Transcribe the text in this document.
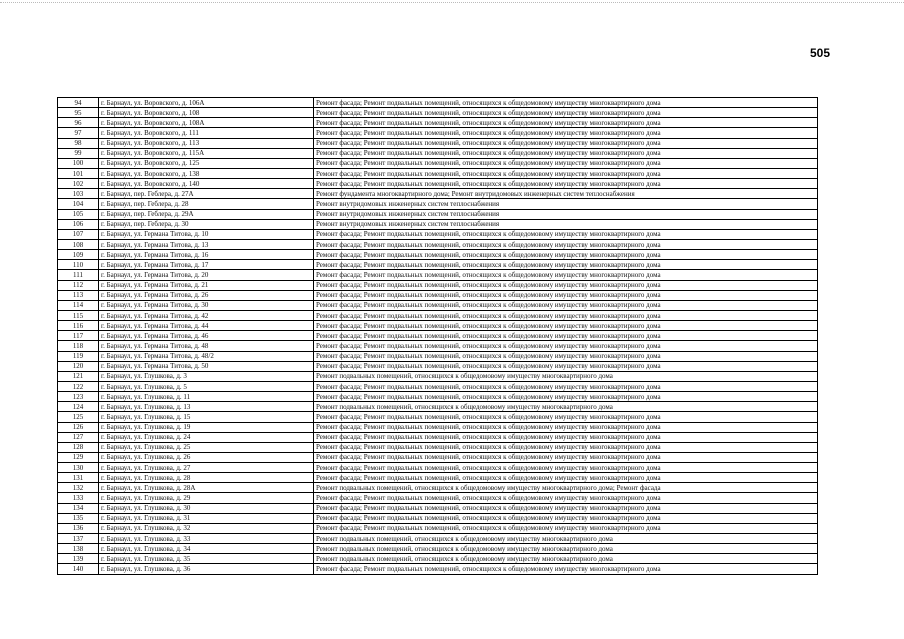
505
94	г. Барнаул, ул. Воровского, д. 106А	Ремонт фасада; Ремонт подвальных помещений, относящихся к общедомовому имуществу многоквартирного дома
95	г. Барнаул, ул. Воровского, д. 108	Ремонт фасада; Ремонт подвальных помещений, относящихся к общедомовому имуществу многоквартирного дома
96	г. Барнаул, ул. Воровского, д. 108А	Ремонт фасада; Ремонт подвальных помещений, относящихся к общедомовому имуществу многоквартирного дома
97	г. Барнаул, ул. Воровского, д. 111	Ремонт фасада; Ремонт подвальных помещений, относящихся к общедомовому имуществу многоквартирного дома
98	г. Барнаул, ул. Воровского, д. 113	Ремонт фасада; Ремонт подвальных помещений, относящихся к общедомовому имуществу многоквартирного дома
99	г. Барнаул, ул. Воровского, д. 115А	Ремонт фасада; Ремонт подвальных помещений, относящихся к общедомовому имуществу многоквартирного дома
100	г. Барнаул, ул. Воровского, д. 125	Ремонт фасада; Ремонт подвальных помещений, относящихся к общедомовому имуществу многоквартирного дома
101	г. Барнаул, ул. Воровского, д. 138	Ремонт фасада; Ремонт подвальных помещений, относящихся к общедомовому имуществу многоквартирного дома
102	г. Барнаул, ул. Воровского, д. 140	Ремонт фасада; Ремонт подвальных помещений, относящихся к общедомовому имуществу многоквартирного дома
103	г. Барнаул, пер. Геблера, д. 27А	Ремонт фундамента многоквартирного дома; Ремонт внутридомовых инженерных систем теплоснабжения
104	г. Барнаул, пер. Геблера, д. 28	Ремонт внутридомовых инженерных систем теплоснабжения
105	г. Барнаул, пер. Геблера, д. 29А	Ремонт внутридомовых инженерных систем теплоснабжения
106	г. Барнаул, пер. Геблера, д. 30	Ремонт внутридомовых инженерных систем теплоснабжения
107	г. Барнаул, ул. Германа Титова, д. 10	Ремонт фасада; Ремонт подвальных помещений, относящихся к общедомовому имуществу многоквартирного дома
108	г. Барнаул, ул. Германа Титова, д. 13	Ремонт фасада; Ремонт подвальных помещений, относящихся к общедомовому имуществу многоквартирного дома
109	г. Барнаул, ул. Германа Титова, д. 16	Ремонт фасада; Ремонт подвальных помещений, относящихся к общедомовому имуществу многоквартирного дома
110	г. Барнаул, ул. Германа Титова, д. 17	Ремонт фасада; Ремонт подвальных помещений, относящихся к общедомовому имуществу многоквартирного дома
111	г. Барнаул, ул. Германа Титова, д. 20	Ремонт фасада; Ремонт подвальных помещений, относящихся к общедомовому имуществу многоквартирного дома
112	г. Барнаул, ул. Германа Титова, д. 21	Ремонт фасада; Ремонт подвальных помещений, относящихся к общедомовому имуществу многоквартирного дома
113	г. Барнаул, ул. Германа Титова, д. 26	Ремонт фасада; Ремонт подвальных помещений, относящихся к общедомовому имуществу многоквартирного дома
114	г. Барнаул, ул. Германа Титова, д. 30	Ремонт фасада; Ремонт подвальных помещений, относящихся к общедомовому имуществу многоквартирного дома
115	г. Барнаул, ул. Германа Титова, д. 42	Ремонт фасада; Ремонт подвальных помещений, относящихся к общедомовому имуществу многоквартирного дома
116	г. Барнаул, ул. Германа Титова, д. 44	Ремонт фасада; Ремонт подвальных помещений, относящихся к общедомовому имуществу многоквартирного дома
117	г. Барнаул, ул. Германа Титова, д. 46	Ремонт фасада; Ремонт подвальных помещений, относящихся к общедомовому имуществу многоквартирного дома
118	г. Барнаул, ул. Германа Титова, д. 48	Ремонт фасада; Ремонт подвальных помещений, относящихся к общедомовому имуществу многоквартирного дома
119	г. Барнаул, ул. Германа Титова, д. 48/2	Ремонт фасада; Ремонт подвальных помещений, относящихся к общедомовому имуществу многоквартирного дома
120	г. Барнаул, ул. Германа Титова, д. 50	Ремонт фасада; Ремонт подвальных помещений, относящихся к общедомовому имуществу многоквартирного дома
121	г. Барнаул, ул. Глушкова, д. 3	Ремонт подвальных помещений, относящихся к общедомовому имуществу многоквартирного дома
122	г. Барнаул, ул. Глушкова, д. 5	Ремонт фасада; Ремонт подвальных помещений, относящихся к общедомовому имуществу многоквартирного дома
123	г. Барнаул, ул. Глушкова, д. 11	Ремонт фасада; Ремонт подвальных помещений, относящихся к общедомовому имуществу многоквартирного дома
124	г. Барнаул, ул. Глушкова, д. 13	Ремонт подвальных помещений, относящихся к общедомовому имуществу многоквартирного дома
125	г. Барнаул, ул. Глушкова, д. 15	Ремонт фасада; Ремонт подвальных помещений, относящихся к общедомовому имуществу многоквартирного дома
126	г. Барнаул, ул. Глушкова, д. 19	Ремонт фасада; Ремонт подвальных помещений, относящихся к общедомовому имуществу многоквартирного дома
127	г. Барнаул, ул. Глушкова, д. 24	Ремонт фасада; Ремонт подвальных помещений, относящихся к общедомовому имуществу многоквартирного дома
128	г. Барнаул, ул. Глушкова, д. 25	Ремонт фасада; Ремонт подвальных помещений, относящихся к общедомовому имуществу многоквартирного дома
129	г. Барнаул, ул. Глушкова, д. 26	Ремонт фасада; Ремонт подвальных помещений, относящихся к общедомовому имуществу многоквартирного дома
130	г. Барнаул, ул. Глушкова, д. 27	Ремонт фасада; Ремонт подвальных помещений, относящихся к общедомовому имуществу многоквартирного дома
131	г. Барнаул, ул. Глушкова, д. 28	Ремонт фасада; Ремонт подвальных помещений, относящихся к общедомовому имуществу многоквартирного дома
132	г. Барнаул, ул. Глушкова, д. 28А	Ремонт подвальных помещений, относящихся к общедомовому имуществу многоквартирного дома; Ремонт фасада
133	г. Барнаул, ул. Глушкова, д. 29	Ремонт фасада; Ремонт подвальных помещений, относящихся к общедомовому имуществу многоквартирного дома
134	г. Барнаул, ул. Глушкова, д. 30	Ремонт фасада; Ремонт подвальных помещений, относящихся к общедомовому имуществу многоквартирного дома
135	г. Барнаул, ул. Глушкова, д. 31	Ремонт фасада; Ремонт подвальных помещений, относящихся к общедомовому имуществу многоквартирного дома
136	г. Барнаул, ул. Глушкова, д. 32	Ремонт фасада; Ремонт подвальных помещений, относящихся к общедомовому имуществу многоквартирного дома
137	г. Барнаул, ул. Глушкова, д. 33	Ремонт подвальных помещений, относящихся к общедомовому имуществу многоквартирного дома
138	г. Барнаул, ул. Глушкова, д. 34	Ремонт подвальных помещений, относящихся к общедомовому имуществу многоквартирного дома
139	г. Барнаул, ул. Глушкова, д. 35	Ремонт подвальных помещений, относящихся к общедомовому имуществу многоквартирного дома
140	г. Барнаул, ул. Глушкова, д. 36	Ремонт фасада; Ремонт подвальных помещений, относящихся к общедомовому имуществу многоквартирного дома
